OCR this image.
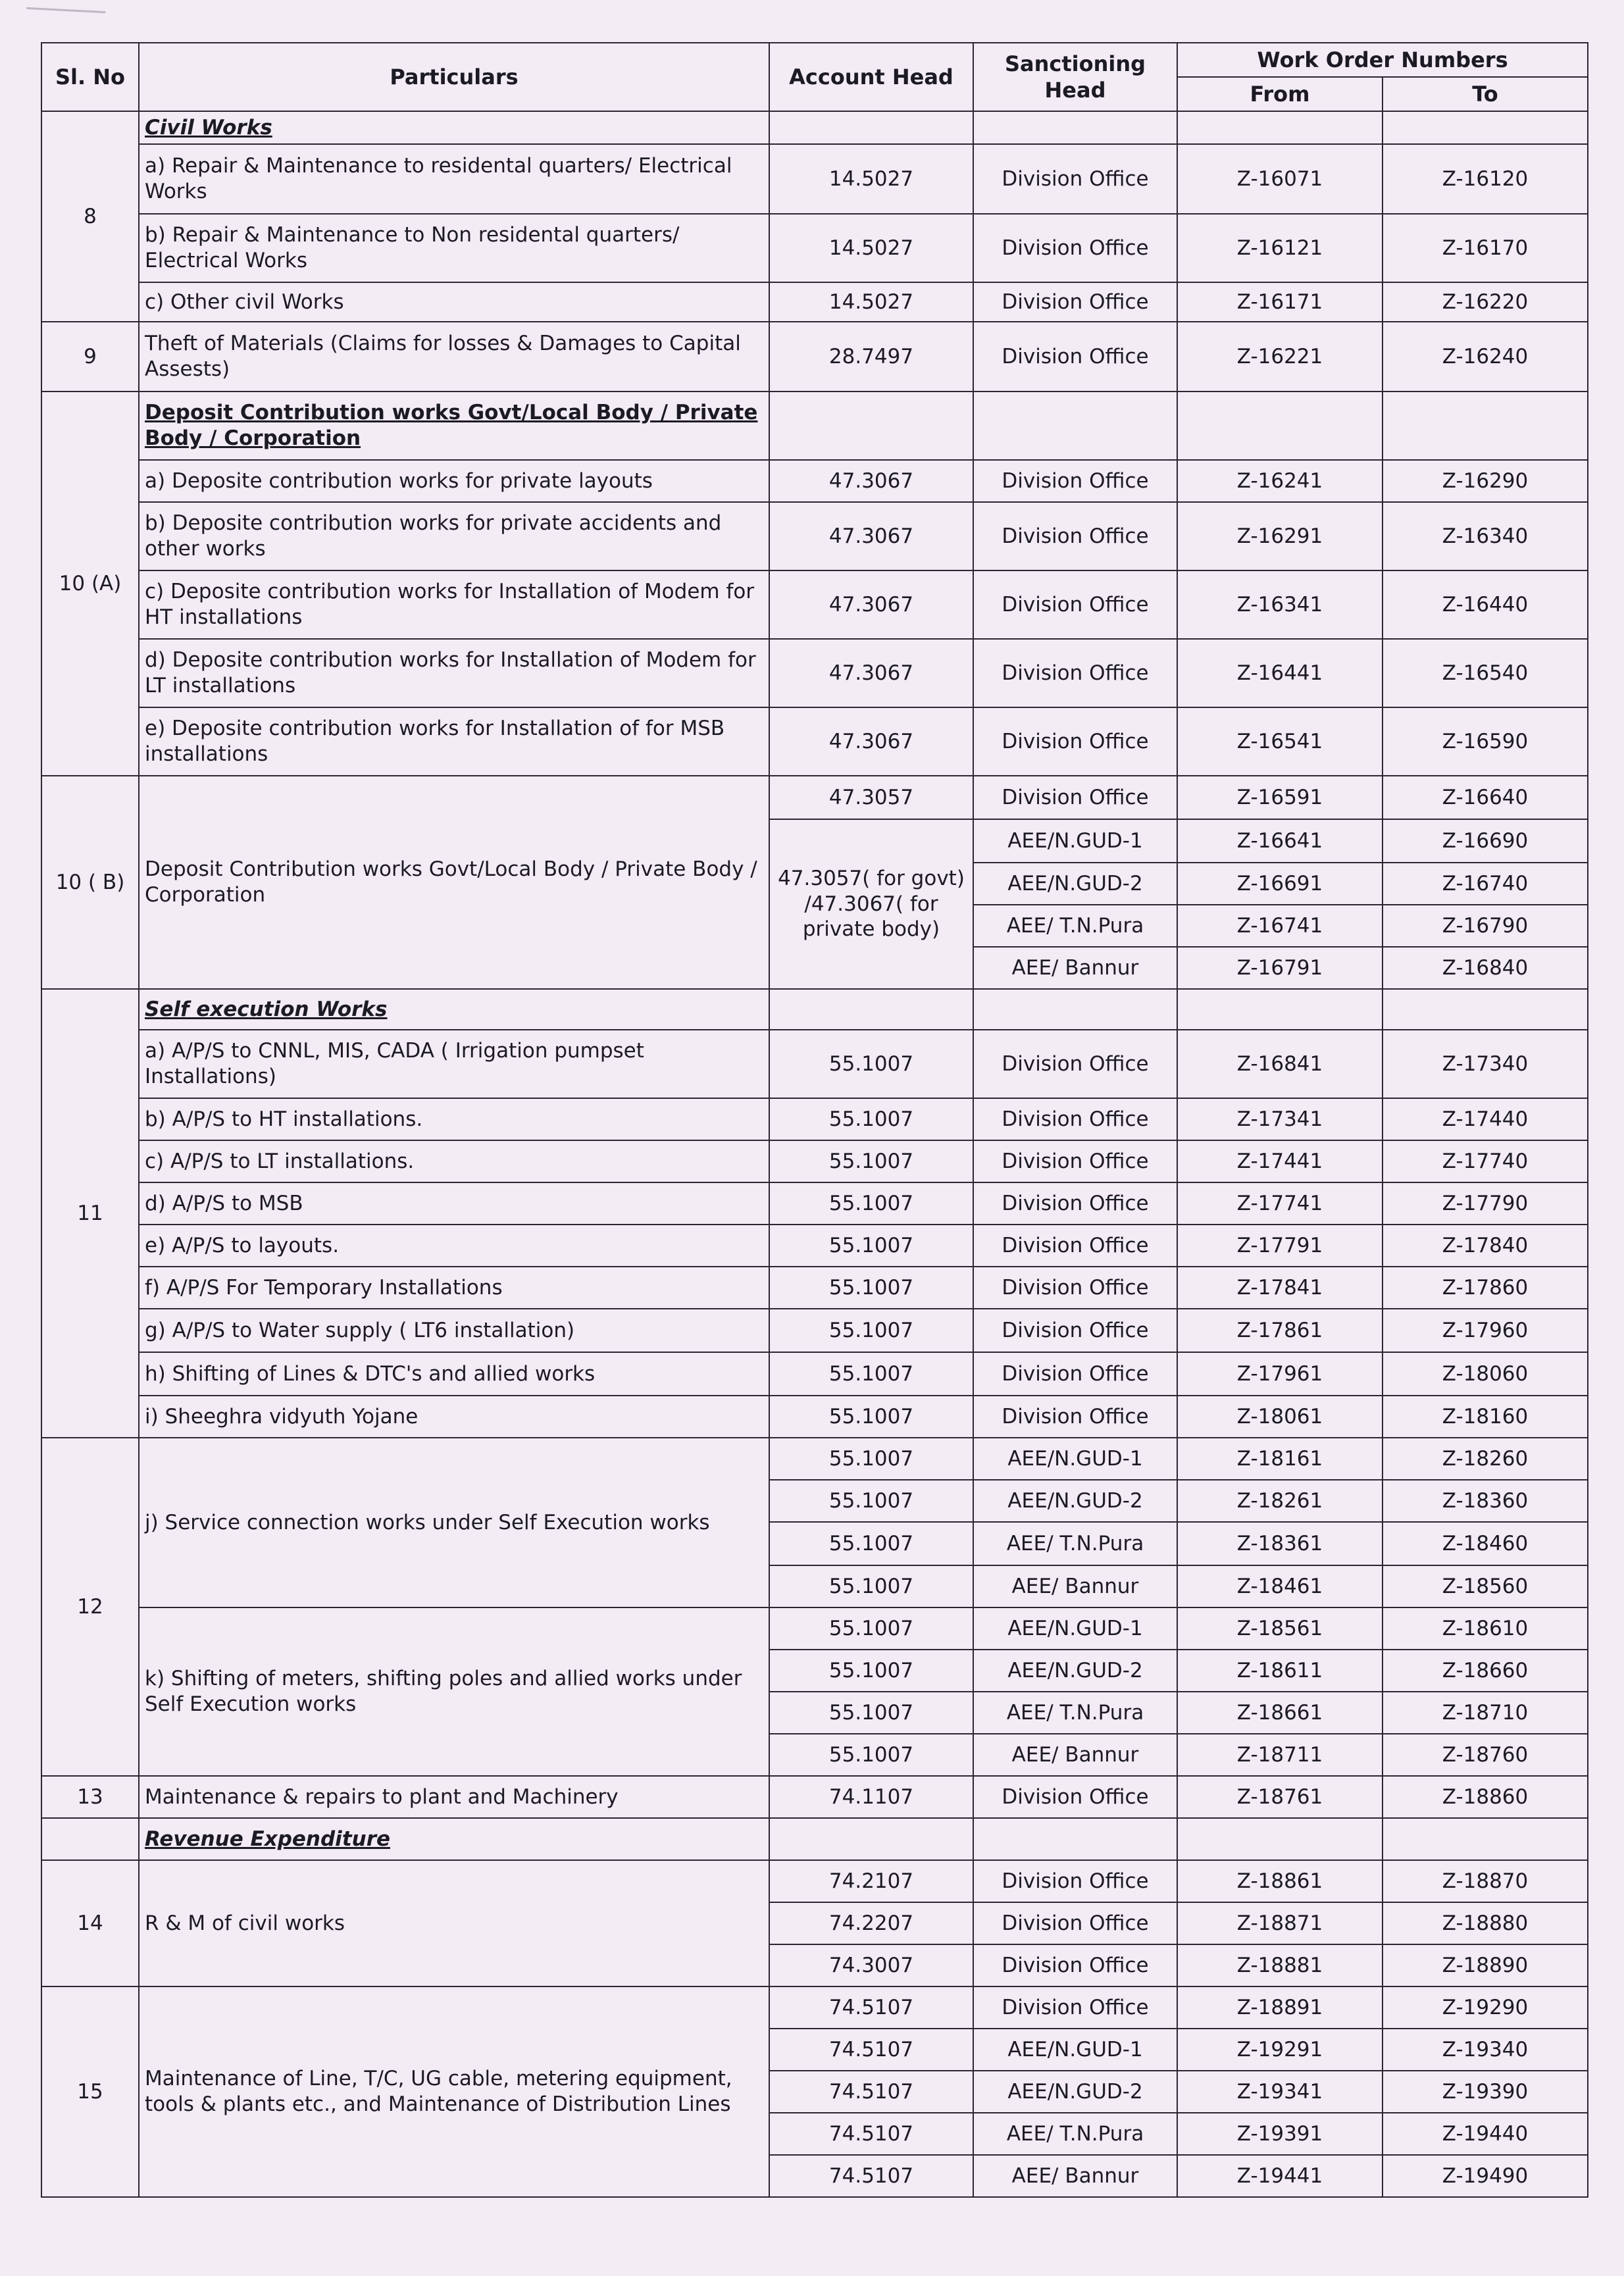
Sl. No	Particulars	Account Head	Sanctioning Head	Work Order Numbers	
				From	To
8	Civil Works				
	a) Repair & Maintenance to residental quarters/ Electrical Works	14.5027	Division Office	Z-16071	Z-16120
	b) Repair & Maintenance to Non residental quarters/ Electrical Works	14.5027	Division Office	Z-16121	Z-16170
	c) Other civil Works	14.5027	Division Office	Z-16171	Z-16220
9	Theft of Materials (Claims for losses & Damages to Capital Assests)	28.7497	Division Office	Z-16221	Z-16240
10 (A)	Deposit Contribution works Govt/Local Body / Private Body / Corporation				
	a) Deposite contribution works for private layouts	47.3067	Division Office	Z-16241	Z-16290
	b) Deposite contribution works for private accidents and other works	47.3067	Division Office	Z-16291	Z-16340
	c) Deposite contribution works for Installation of Modem for HT installations	47.3067	Division Office	Z-16341	Z-16440
	d) Deposite contribution works for Installation of Modem for LT installations	47.3067	Division Office	Z-16441	Z-16540
	e) Deposite contribution works for Installation of for MSB installations	47.3067	Division Office	Z-16541	Z-16590
10 ( B)	Deposit Contribution works Govt/Local Body / Private Body / Corporation	47.3057	Division Office	Z-16591	Z-16640
		47.3057( for govt) /47.3067( for private body)	AEE/N.GUD-1	Z-16641	Z-16690
			AEE/N.GUD-2	Z-16691	Z-16740
			AEE/ T.N.Pura	Z-16741	Z-16790
			AEE/ Bannur	Z-16791	Z-16840
11	Self execution Works				
	a) A/P/S to CNNL, MIS, CADA ( Irrigation pumpset Installations)	55.1007	Division Office	Z-16841	Z-17340
	b) A/P/S to HT installations.	55.1007	Division Office	Z-17341	Z-17440
	c) A/P/S to LT installations.	55.1007	Division Office	Z-17441	Z-17740
	d) A/P/S to MSB	55.1007	Division Office	Z-17741	Z-17790
	e) A/P/S to layouts.	55.1007	Division Office	Z-17791	Z-17840
	f) A/P/S For Temporary Installations	55.1007	Division Office	Z-17841	Z-17860
	g) A/P/S to Water supply ( LT6 installation)	55.1007	Division Office	Z-17861	Z-17960
	h) Shifting of Lines & DTC's and allied works	55.1007	Division Office	Z-17961	Z-18060
	i) Sheeghra vidyuth Yojane	55.1007	Division Office	Z-18061	Z-18160
12	j) Service connection works under Self Execution works	55.1007	AEE/N.GUD-1	Z-18161	Z-18260
		55.1007	AEE/N.GUD-2	Z-18261	Z-18360
		55.1007	AEE/ T.N.Pura	Z-18361	Z-18460
		55.1007	AEE/ Bannur	Z-18461	Z-18560
	k) Shifting of meters, shifting poles and allied works under Self Execution works	55.1007	AEE/N.GUD-1	Z-18561	Z-18610
		55.1007	AEE/N.GUD-2	Z-18611	Z-18660
		55.1007	AEE/ T.N.Pura	Z-18661	Z-18710
		55.1007	AEE/ Bannur	Z-18711	Z-18760
13	Maintenance & repairs to plant and Machinery	74.1107	Division Office	Z-18761	Z-18860
	Revenue Expenditure				
14	R & M of civil works	74.2107	Division Office	Z-18861	Z-18870
		74.2207	Division Office	Z-18871	Z-18880
		74.3007	Division Office	Z-18881	Z-18890
15	Maintenance of Line, T/C, UG cable, metering equipment, tools & plants etc., and Maintenance of Distribution Lines	74.5107	Division Office	Z-18891	Z-19290
		74.5107	AEE/N.GUD-1	Z-19291	Z-19340
		74.5107	AEE/N.GUD-2	Z-19341	Z-19390
		74.5107	AEE/ T.N.Pura	Z-19391	Z-19440
		74.5107	AEE/ Bannur	Z-19441	Z-19490
